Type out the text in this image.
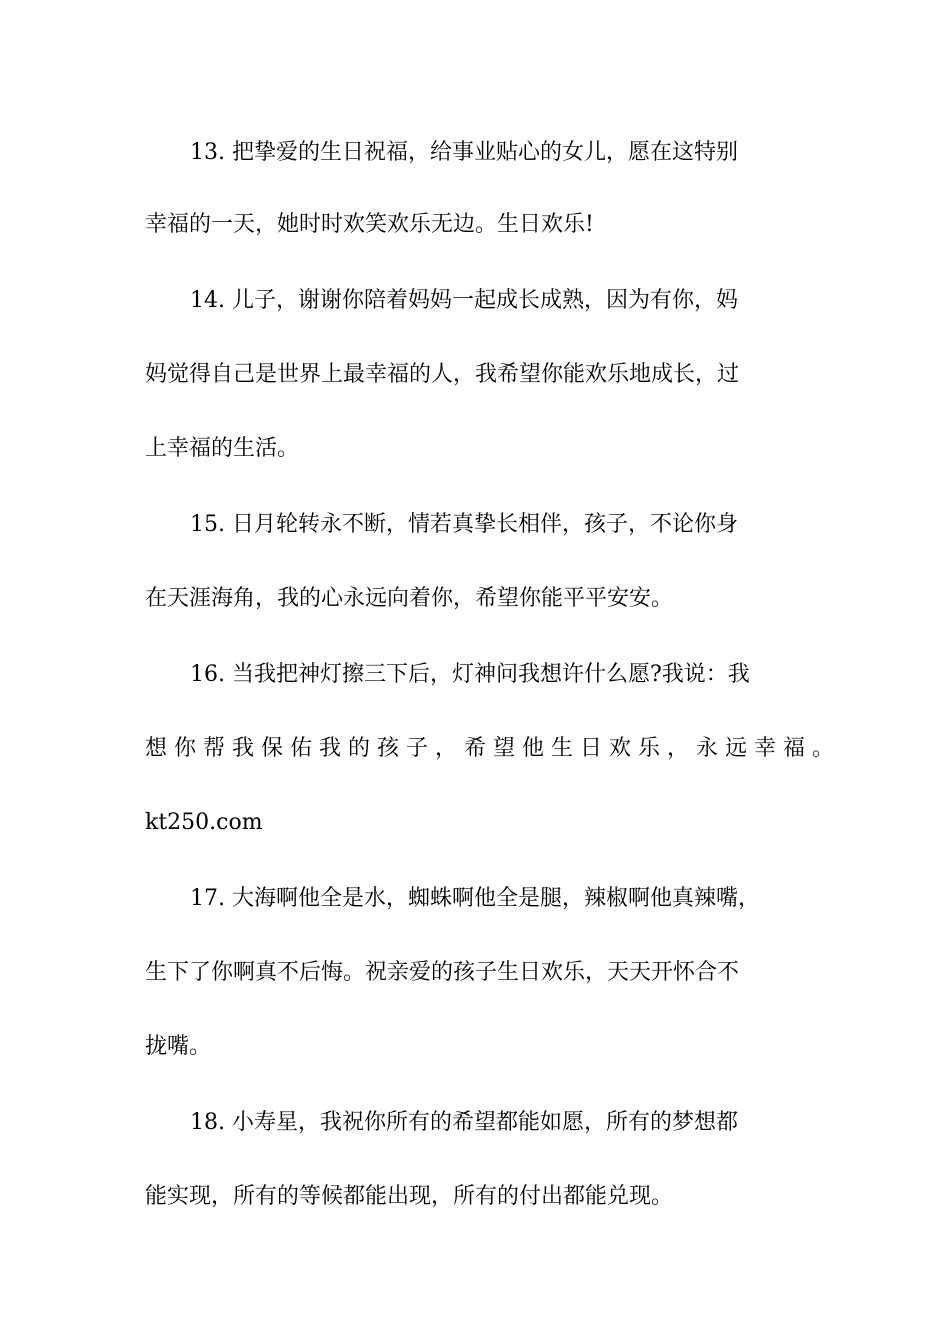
13. 把挚爱的生日祝福，给事业贴心的女儿，愿在这特别
幸福的一天，她时时欢笑欢乐无边。生日欢乐!
14. 儿子，谢谢你陪着妈妈一起成长成熟，因为有你，妈
妈觉得自己是世界上最幸福的人，我希望你能欢乐地成长，过
上幸福的生活。
15. 日月轮转永不断，情若真挚长相伴，孩子，不论你身
在天涯海角，我的心永远向着你，希望你能平平安安。
16. 当我把神灯擦三下后，灯神问我想许什么愿?我说：我
想你帮我保佑我的孩子，希望他生日欢乐，永远幸福。
kt250.com
17. 大海啊他全是水，蜘蛛啊他全是腿，辣椒啊他真辣嘴，
生下了你啊真不后悔。祝亲爱的孩子生日欢乐，天天开怀合不
拢嘴。
18. 小寿星，我祝你所有的希望都能如愿，所有的梦想都
能实现，所有的等候都能出现，所有的付出都能兑现。
